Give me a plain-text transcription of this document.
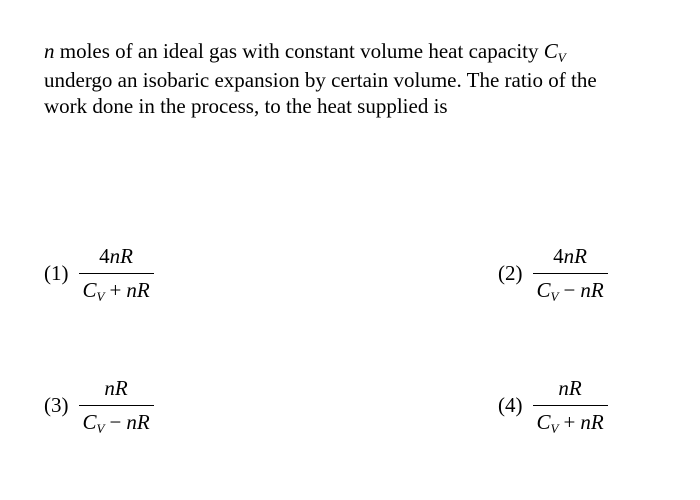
n moles of an ideal gas with constant volume heat capacity CV
undergo an isobaric expansion by certain volume. The ratio of the
work done in the process, to the heat supplied is
$(1) \frac{4nR}{CV + nR}$	$(2) \frac{4nR}{CV - nR}$
$(3) \frac{nR}{CV - nR}$	$(4) \frac{nR}{CV + nR}$
